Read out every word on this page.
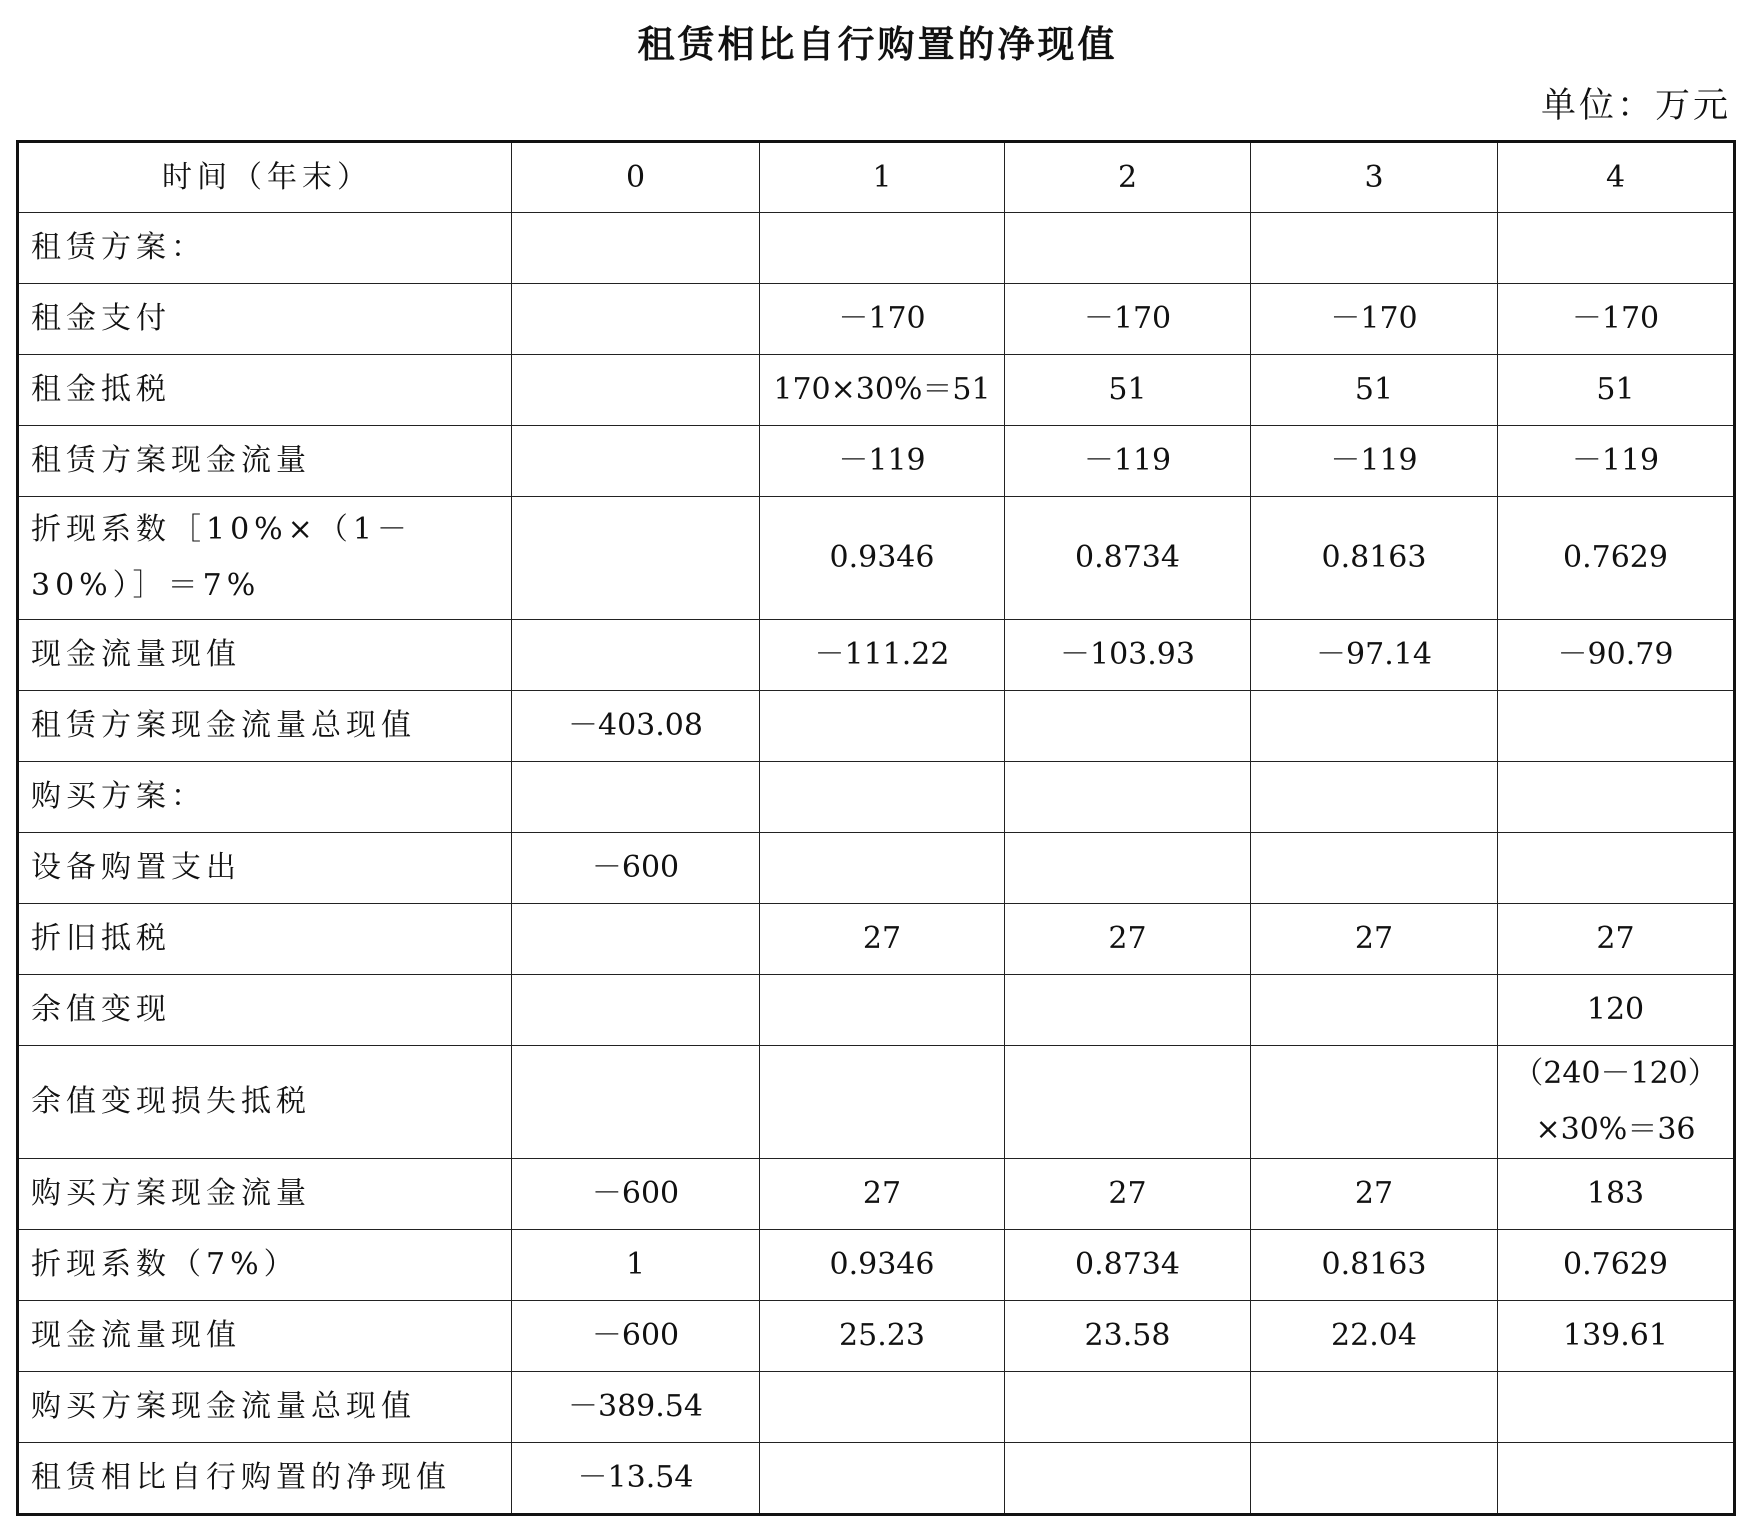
租赁相比自行购置的净现值
单位：万元
时间（年末）	0	1	2	3	4
租赁方案：					
租金支付		－170	－170	－170	－170
租金抵税		170×30%＝51	51	51	51
租赁方案现金流量		－119	－119	－119	－119
折现系数［10%×（1－30%）］＝7%		0.9346	0.8734	0.8163	0.7629
现金流量现值		－111.22	－103.93	－97.14	－90.79
租赁方案现金流量总现值	－403.08				
购买方案：					
设备购置支出	－600				
折旧抵税		27	27	27	27
余值变现					120
余值变现损失抵税					（240－120）×30%＝36
购买方案现金流量	－600	27	27	27	183
折现系数（7%）	1	0.9346	0.8734	0.8163	0.7629
现金流量现值	－600	25.23	23.58	22.04	139.61
购买方案现金流量总现值	－389.54				
租赁相比自行购置的净现值	－13.54				
